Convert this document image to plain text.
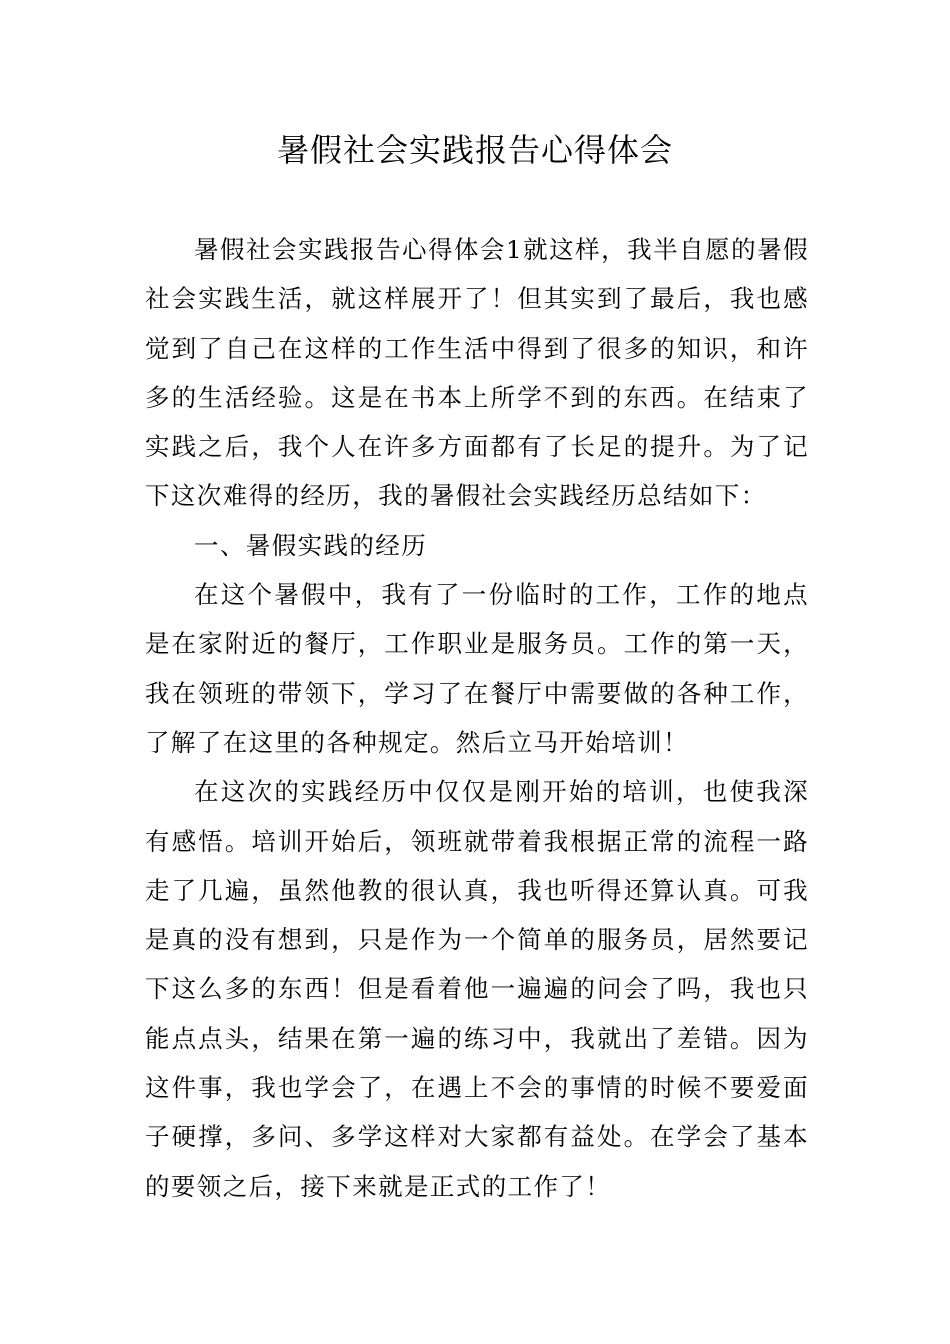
暑假社会实践报告心得体会

暑假社会实践报告心得体会1就这样，我半自愿的暑假社会实践生活，就这样展开了！但其实到了最后，我也感觉到了自己在这样的工作生活中得到了很多的知识，和许多的生活经验。这是在书本上所学不到的东西。在结束了实践之后，我个人在许多方面都有了长足的提升。为了记下这次难得的经历，我的暑假社会实践经历总结如下：

一、暑假实践的经历

在这个暑假中，我有了一份临时的工作，工作的地点是在家附近的餐厅，工作职业是服务员。工作的第一天，我在领班的带领下，学习了在餐厅中需要做的各种工作，了解了在这里的各种规定。然后立马开始培训！

在这次的实践经历中仅仅是刚开始的培训，也使我深有感悟。培训开始后，领班就带着我根据正常的流程一路走了几遍，虽然他教的很认真，我也听得还算认真。可我是真的没有想到，只是作为一个简单的服务员，居然要记下这么多的东西！但是看着他一遍遍的问会了吗，我也只能点点头，结果在第一遍的练习中，我就出了差错。因为这件事，我也学会了，在遇上不会的事情的时候不要爱面子硬撑，多问、多学这样对大家都有益处。在学会了基本的要领之后，接下来就是正式的工作了！
